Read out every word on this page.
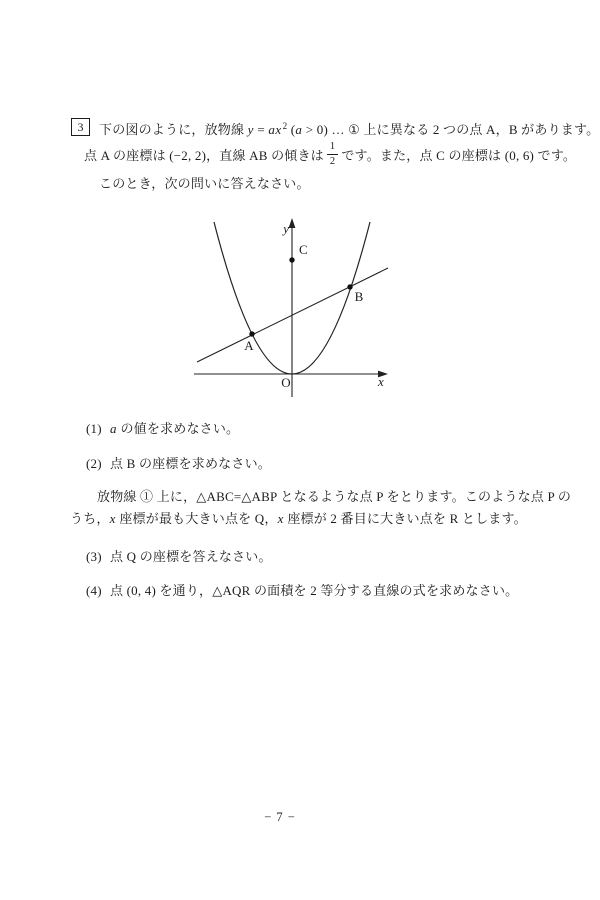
3 下の図のように，放物線 $y = ax^2$ (a > 0) … ① 上に異なる 2 つの点 A，B があります。
点 A の座標は (−2, 2)，直線 AB の傾きは $\frac{1}{2}$ です。また，点 C の座標は (0, 6) です。
このとき，次の問いに答えなさい。
y
x
O
A
B
C
(1) a の値を求めなさい。
(2) 点 B の座標を求めなさい。
放物線 ① 上に，△ABC=△ABP となるような点 P をとります。このような点 P の
うち，x 座標が最も大きい点を Q，x 座標が 2 番目に大きい点を R とします。
(3) 点 Q の座標を答えなさい。
(4) 点 (0, 4) を通り，△AQR の面積を 2 等分する直線の式を求めなさい。
− 7 −
